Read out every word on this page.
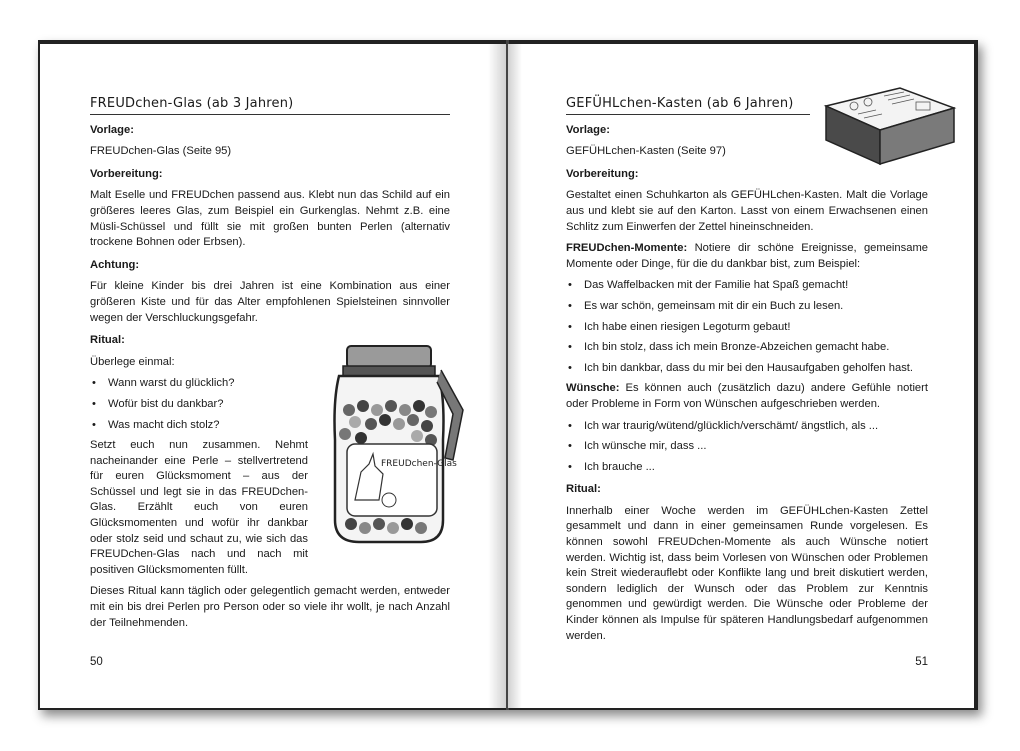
FREUDchen-Glas (ab 3 Jahren)
Vorlage:

FREUDchen-Glas (Seite 95)

Vorbereitung:

Malt Eselle und FREUDchen passend aus. Klebt nun das Schild auf ein größeres leeres Glas, zum Beispiel ein Gurkenglas. Nehmt z.B. eine Müsli-Schüssel und füllt sie mit großen bunten Perlen (alternativ trockene Bohnen oder Erbsen).

Achtung:

Für kleine Kinder bis drei Jahren ist eine Kombination aus einer größeren Kiste und für das Alter empfohlenen Spielsteinen sinnvoller wegen der Verschluckungsgefahr.

Ritual:

Überlege einmal:

• Wann warst du glücklich?
• Wofür bist du dankbar?
• Was macht dich stolz?

Setzt euch nun zusammen. Nehmt nacheinander eine Perle – stellvertretend für euren Glücksmoment – aus der Schüssel und legt sie in das FREUDchen-Glas. Erzählt euch von euren Glücksmomenten und wofür ihr dankbar oder stolz seid und schaut zu, wie sich das FREUDchen-Glas nach und nach mit positiven Glücksmomenten füllt.

Dieses Ritual kann täglich oder gelegentlich gemacht werden, entweder mit ein bis drei Perlen pro Person oder so viele ihr wollt, je nach Anzahl der Teilnehmenden.

FREUDchen-Glas
50
GEFÜHLchen-Kasten (ab 6 Jahren)
Vorlage:

GEFÜHLchen-Kasten (Seite 97)

Vorbereitung:

Gestaltet einen Schuhkarton als GEFÜHLchen-Kasten. Malt die Vorlage aus und klebt sie auf den Karton. Lasst von einem Erwachsenen einen Schlitz zum Einwerfen der Zettel hineinschneiden.

FREUDchen-Momente: Notiere dir schöne Ereignisse, gemeinsame Momente oder Dinge, für die du dankbar bist, zum Beispiel:

• Das Waffelbacken mit der Familie hat Spaß gemacht!
• Es war schön, gemeinsam mit dir ein Buch zu lesen.
• Ich habe einen riesigen Legoturm gebaut!
• Ich bin stolz, dass ich mein Bronze-Abzeichen gemacht habe.
• Ich bin dankbar, dass du mir bei den Hausaufgaben geholfen hast.

Wünsche: Es können auch (zusätzlich dazu) andere Gefühle notiert oder Probleme in Form von Wünschen aufgeschrieben werden.

• Ich war traurig/wütend/glücklich/verschämt/ ängstlich, als ...
• Ich wünsche mir, dass ...
• Ich brauche ...
Ritual:

Innerhalb einer Woche werden im GEFÜHLchen-Kasten Zettel gesammelt und dann in einer gemeinsamen Runde vorgelesen. Es können sowohl FREUDchen-Momente als auch Wünsche notiert werden. Wichtig ist, dass beim Vorlesen von Wünschen oder Problemen kein Streit wiederauflebt oder Konflikte lang und breit diskutiert werden, sondern lediglich der Wunsch oder das Problem zur Kenntnis genommen und gewürdigt werden. Die Wünsche oder Probleme der Kinder können als Impulse für späteren Handlungsbedarf aufgenommen werden.

51
